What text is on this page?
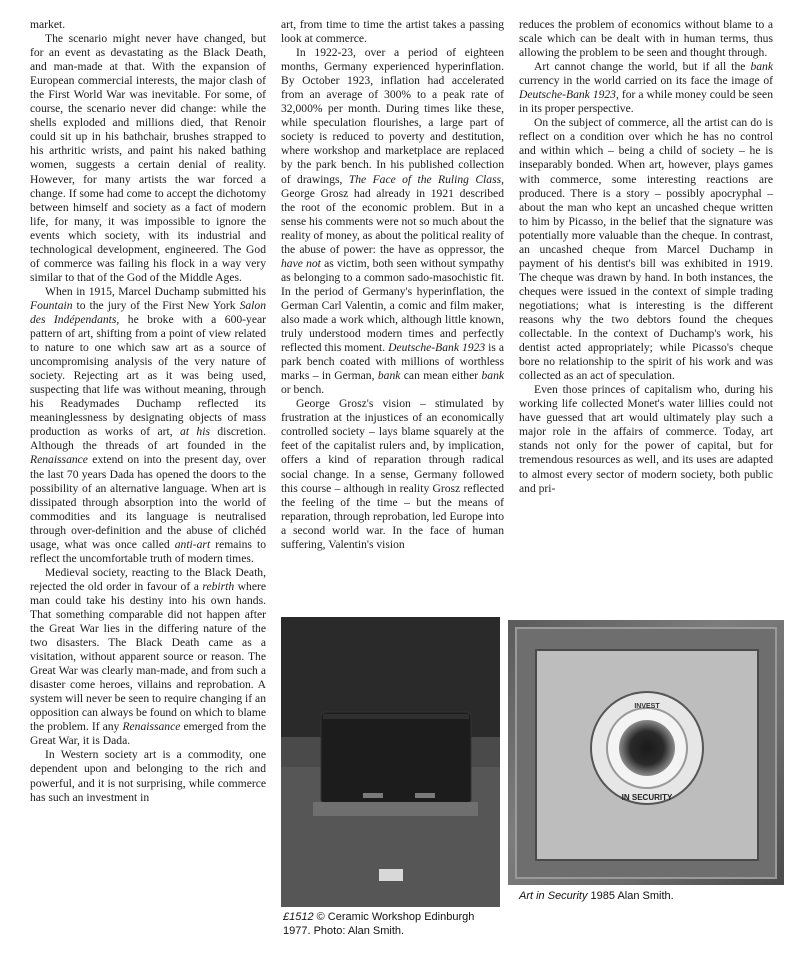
market.

The scenario might never have changed, but for an event as devastating as the Black Death, and man-made at that. With the expansion of European commercial interests, the major clash of the First World War was inevitable. For some, of course, the scenario never did change: while the shells exploded and millions died, that Renoir could sit up in his bathchair, brushes strapped to his arthritic wrists, and paint his naked bathing women, suggests a certain denial of reality. However, for many artists the war forced a change. If some had come to accept the dichotomy between himself and society as a fact of modern life, for many, it was impossible to ignore the events which society, with its industrial and technological development, engineered. The God of commerce was failing his flock in a way very similar to that of the God of the Middle Ages.

When in 1915, Marcel Duchamp submitted his Fountain to the jury of the First New York Salon des Indépendants, he broke with a 600-year pattern of art, shifting from a point of view related to nature to one which saw art as a source of uncompromising analysis of the very nature of society. Rejecting art as it was being used, suspecting that life was without meaning, through his Readymades Duchamp reflected its meaninglessness by designating objects of mass production as works of art, at his discretion. Although the threads of art founded in the Renaissance extend on into the present day, over the last 70 years Dada has opened the doors to the possibility of an alternative language. When art is dissipated through absorption into the world of commodities and its language is neutralised through over-definition and the abuse of clichéd usage, what was once called anti-art remains to reflect the uncomfortable truth of modern times.

Medieval society, reacting to the Black Death, rejected the old order in favour of a rebirth where man could take his destiny into his own hands. That something comparable did not happen after the Great War lies in the differing nature of the two disasters. The Black Death came as a visitation, without apparent source or reason. The Great War was clearly man-made, and from such a disaster come heroes, villains and reprobation. A system will never be seen to require changing if an opposition can always be found on which to blame the problem. If any Renaissance emerged from the Great War, it is Dada.

In Western society art is a commodity, one dependent upon and belonging to the rich and powerful, and it is not surprising, while commerce has such an investment in

art, from time to time the artist takes a passing look at commerce.

In 1922-23, over a period of eighteen months, Germany experienced hyperinflation. By October 1923, inflation had accelerated from an average of 300% to a peak rate of 32,000% per month. During times like these, while speculation flourishes, a large part of society is reduced to poverty and destitution, where workshop and marketplace are replaced by the park bench. In his published collection of drawings, The Face of the Ruling Class, George Grosz had already in 1921 described the root of the economic problem. But in a sense his comments were not so much about the reality of money, as about the political reality of the abuse of power: the have as oppressor, the have not as victim, both seen without sympathy as belonging to a common sado-masochistic fit. In the period of Germany's hyperinflation, the German Carl Valentin, a comic and film maker, also made a work which, although little known, truly understood modern times and perfectly reflected this moment. Deutsche-Bank 1923 is a park bench coated with millions of worthless marks – in German, bank can mean either bank or bench.

George Grosz's vision – stimulated by frustration at the injustices of an economically controlled society – lays blame squarely at the feet of the capitalist rulers and, by implication, offers a kind of reparation through radical social change. In a sense, Germany followed this course – although in reality Grosz reflected the feeling of the time – but the means of reparation, through reprobation, led Europe into a second world war. In the face of human suffering, Valentin's vision

reduces the problem of economics without blame to a scale which can be dealt with in human terms, thus allowing the problem to be seen and thought through.

Art cannot change the world, but if all the bank currency in the world carried on its face the image of Deutsche-Bank 1923, for a while money could be seen in its proper perspective.

On the subject of commerce, all the artist can do is reflect on a condition over which he has no control and within which – being a child of society – he is inseparably bonded. When art, however, plays games with commerce, some interesting reactions are produced. There is a story – possibly apocryphal – about the man who kept an uncashed cheque written to him by Picasso, in the belief that the signature was potentially more valuable than the cheque. In contrast, an uncashed cheque from Marcel Duchamp in payment of his dentist's bill was exhibited in 1919. The cheque was drawn by hand. In both instances, the cheques were issued in the context of simple trading negotiations; what is interesting is the different reasons why the two debtors found the cheques collectable. In the context of Duchamp's work, his dentist acted appropriately; while Picasso's cheque bore no relationship to the spirit of his work and was collected as an act of speculation.

Even those princes of capitalism who, during his working life collected Monet's water lillies could not have guessed that art would ultimately play such a major role in the affairs of commerce. Today, art stands not only for the power of capital, but for tremendous resources as well, and its uses are adapted to almost every sector of modern society, both public and pri-

INVEST
IN SECURITY
£1512 © Ceramic Workshop Edinburgh 1977. Photo: Alan Smith.
Art in Security 1985 Alan Smith.
